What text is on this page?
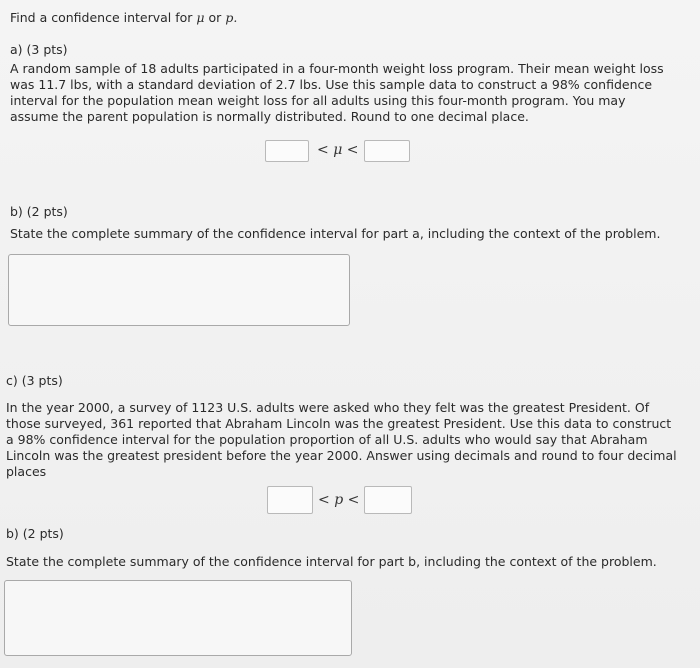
Find a confidence interval for μ or p.
a) (3 pts)
A random sample of 18 adults participated in a four-month weight loss program. Their mean weight loss was 11.7 lbs, with a standard deviation of 2.7 lbs. Use this sample data to construct a 98% confidence interval for the population mean weight loss for all adults using this four-month program. You may assume the parent population is normally distributed. Round to one decimal place.
< μ <
b) (2 pts)
State the complete summary of the confidence interval for part a, including the context of the problem.
c) (3 pts)
In the year 2000, a survey of 1123 U.S. adults were asked who they felt was the greatest President. Of those surveyed, 361 reported that Abraham Lincoln was the greatest President. Use this data to construct a 98% confidence interval for the population proportion of all U.S. adults who would say that Abraham Lincoln was the greatest president before the year 2000. Answer using decimals and round to four decimal places
< p <
b) (2 pts)
State the complete summary of the confidence interval for part b, including the context of the problem.
